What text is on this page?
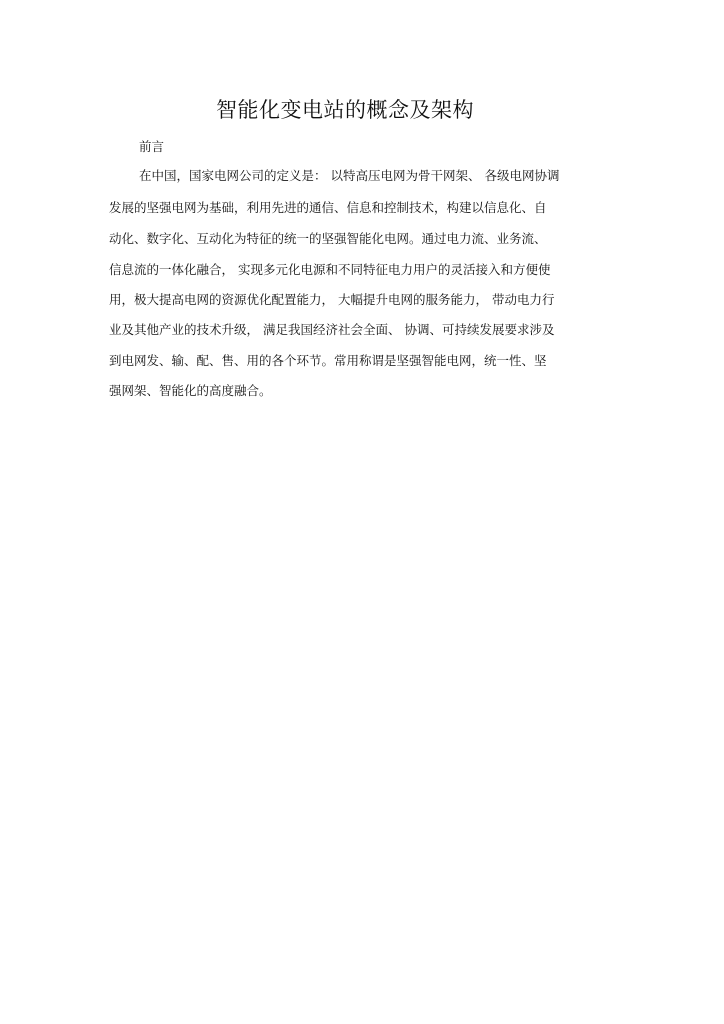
智能化变电站的概念及架构
前言
在中国，国家电网公司的定义是： 以特高压电网为骨干网架、 各级电网协调
发展的坚强电网为基础，利用先进的通信、信息和控制技术，构建以信息化、自
动化、数字化、互动化为特征的统一的坚强智能化电网。通过电力流、业务流、
信息流的一体化融合， 实现多元化电源和不同特征电力用户的灵活接入和方便使
用，极大提高电网的资源优化配置能力， 大幅提升电网的服务能力， 带动电力行
业及其他产业的技术升级， 满足我国经济社会全面、 协调、可持续发展要求涉及
到电网发、输、配、售、用的各个环节。常用称谓是坚强智能电网，统一性、坚
强网架、智能化的高度融合。
